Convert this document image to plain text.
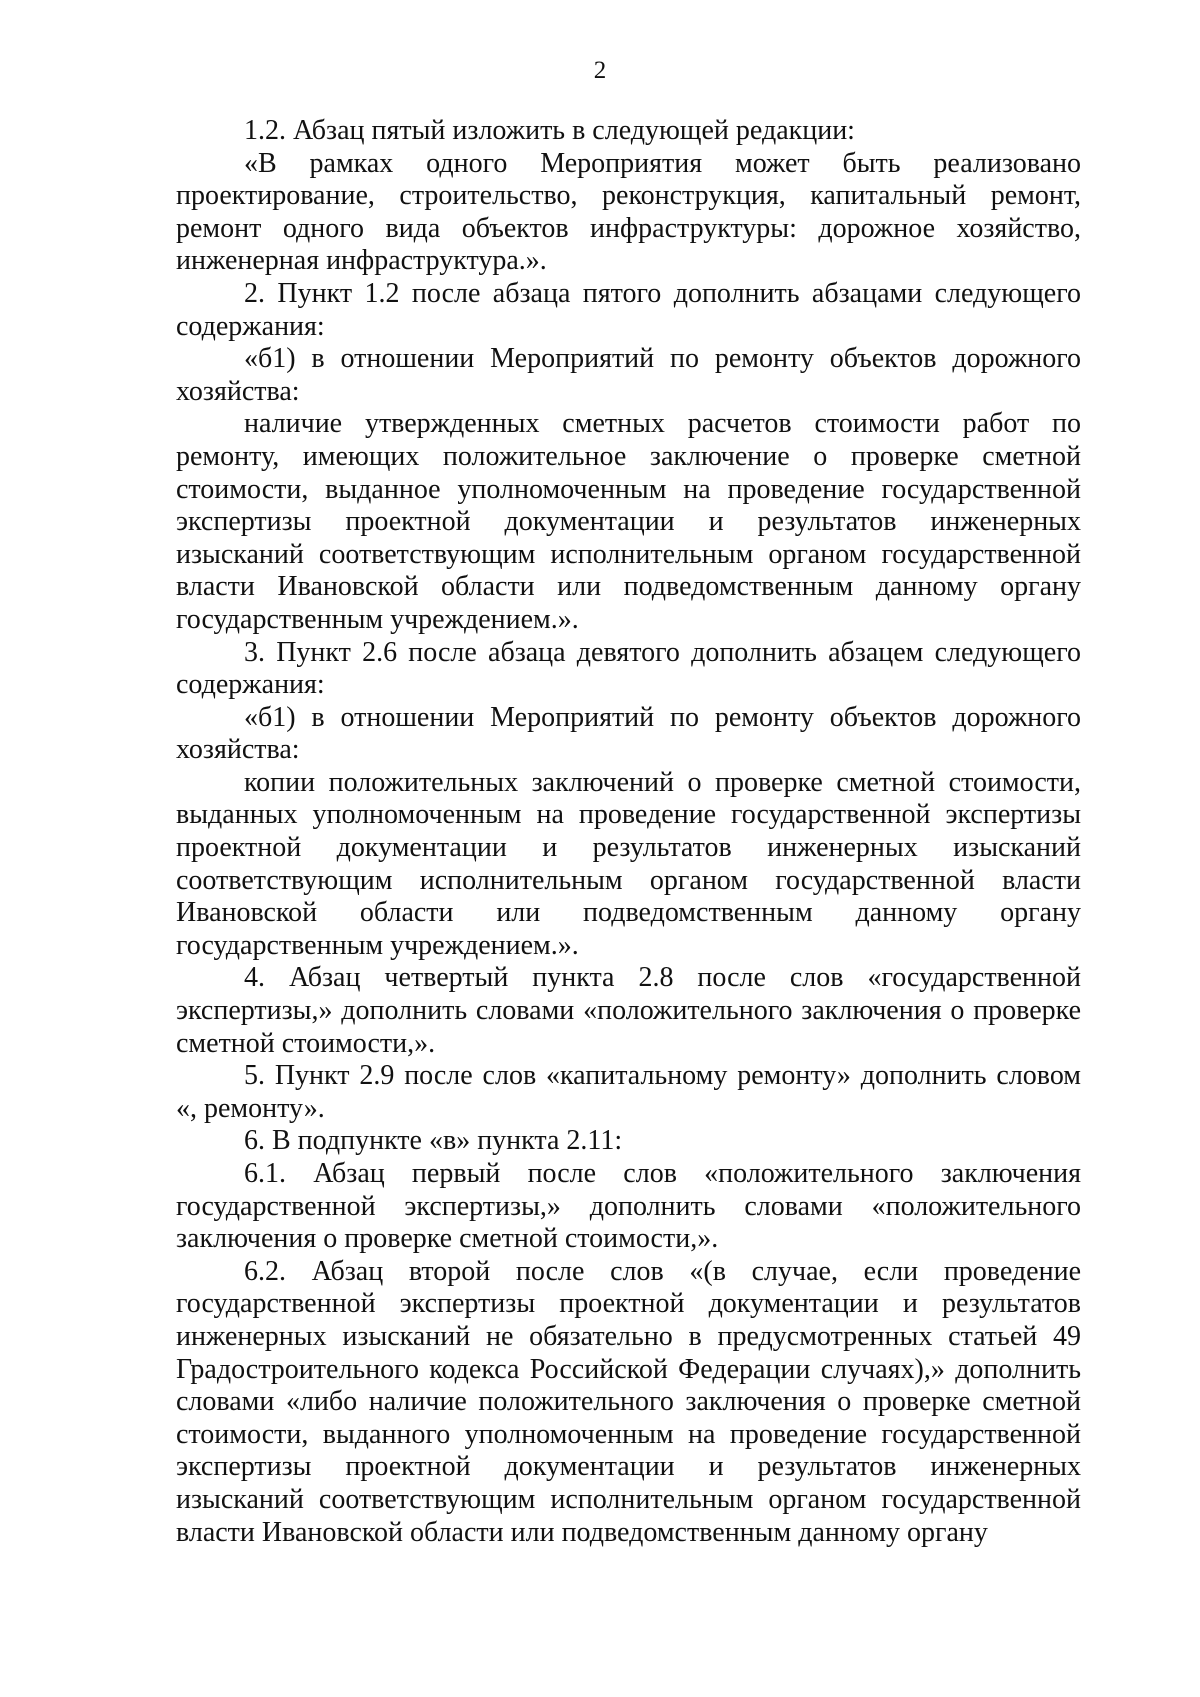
2

1.2. Абзац пятый изложить в следующей редакции:

«В рамках одного Мероприятия может быть реализовано проектирование, строительство, реконструкция, капитальный ремонт, ремонт одного вида объектов инфраструктуры: дорожное хозяйство, инженерная инфраструктура.».

2. Пункт 1.2 после абзаца пятого дополнить абзацами следующего содержания:

«б1) в отношении Мероприятий по ремонту объектов дорожного хозяйства:

наличие утвержденных сметных расчетов стоимости работ по ремонту, имеющих положительное заключение о проверке сметной стоимости, выданное уполномоченным на проведение государственной экспертизы проектной документации и результатов инженерных изысканий соответствующим исполнительным органом государственной власти Ивановской области или подведомственным данному органу государственным учреждением.».

3. Пункт 2.6 после абзаца девятого дополнить абзацем следующего содержания:

«б1) в отношении Мероприятий по ремонту объектов дорожного хозяйства:

копии положительных заключений о проверке сметной стоимости, выданных уполномоченным на проведение государственной экспертизы проектной документации и результатов инженерных изысканий соответствующим исполнительным органом государственной власти Ивановской области или подведомственным данному органу государственным учреждением.».

4. Абзац четвертый пункта 2.8 после слов «государственной экспертизы,» дополнить словами «положительного заключения о проверке сметной стоимости,».

5. Пункт 2.9 после слов «капитальному ремонту» дополнить словом «, ремонту».

6. В подпункте «в» пункта 2.11:

6.1. Абзац первый после слов «положительного заключения государственной экспертизы,» дополнить словами «положительного заключения о проверке сметной стоимости,».

6.2. Абзац второй после слов «(в случае, если проведение государственной экспертизы проектной документации и результатов инженерных изысканий не обязательно в предусмотренных статьей 49 Градостроительного кодекса Российской Федерации случаях),» дополнить словами «либо наличие положительного заключения о проверке сметной стоимости, выданного уполномоченным на проведение государственной экспертизы проектной документации и результатов инженерных изысканий соответствующим исполнительным органом государственной власти Ивановской области или подведомственным данному органу
